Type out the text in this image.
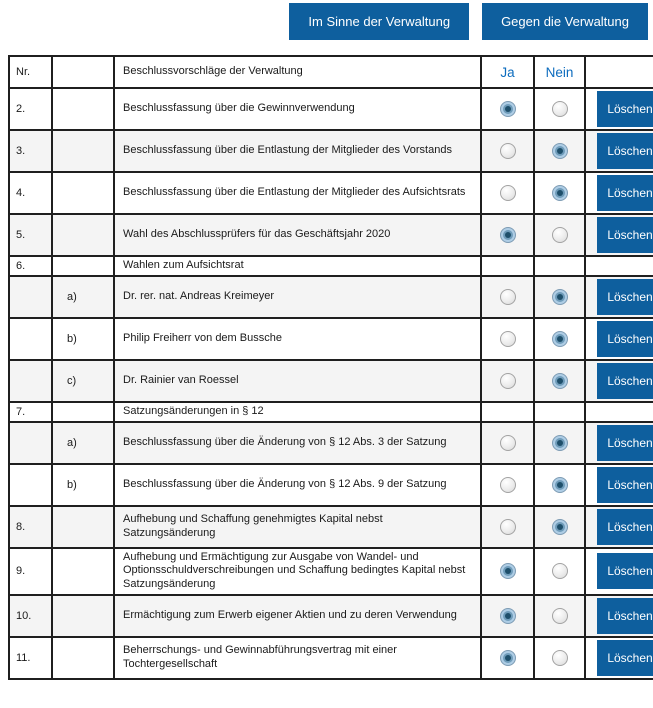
Im Sinne der Verwaltung	Gegen die Verwaltung
Nr.		Beschlussvorschläge der Verwaltung	Ja	Nein	
2.		Beschlussfassung über die Gewinnverwendung			Löschen
3.		Beschlussfassung über die Entlastung der Mitglieder des Vorstands			Löschen
4.		Beschlussfassung über die Entlastung der Mitglieder des Aufsichtsrats			Löschen
5.		Wahl des Abschlussprüfers für das Geschäftsjahr 2020			Löschen
6.		Wahlen zum Aufsichtsrat			
	a)	Dr. rer. nat. Andreas Kreimeyer			Löschen
	b)	Philip Freiherr von dem Bussche			Löschen
	c)	Dr. Rainier van Roessel			Löschen
7.		Satzungsänderungen in § 12			
	a)	Beschlussfassung über die Änderung von § 12 Abs. 3 der Satzung			Löschen
	b)	Beschlussfassung über die Änderung von § 12 Abs. 9 der Satzung			Löschen
8.		Aufhebung und Schaffung genehmigtes Kapital nebst Satzungsänderung			Löschen
9.		Aufhebung und Ermächtigung zur Ausgabe von Wandel- und Optionsschuldverschreibungen und Schaffung bedingtes Kapital nebst Satzungsänderung			Löschen
10.		Ermächtigung zum Erwerb eigener Aktien und zu deren Verwendung			Löschen
11.		Beherrschungs- und Gewinnabführungsvertrag mit einer Tochtergesellschaft			Löschen
